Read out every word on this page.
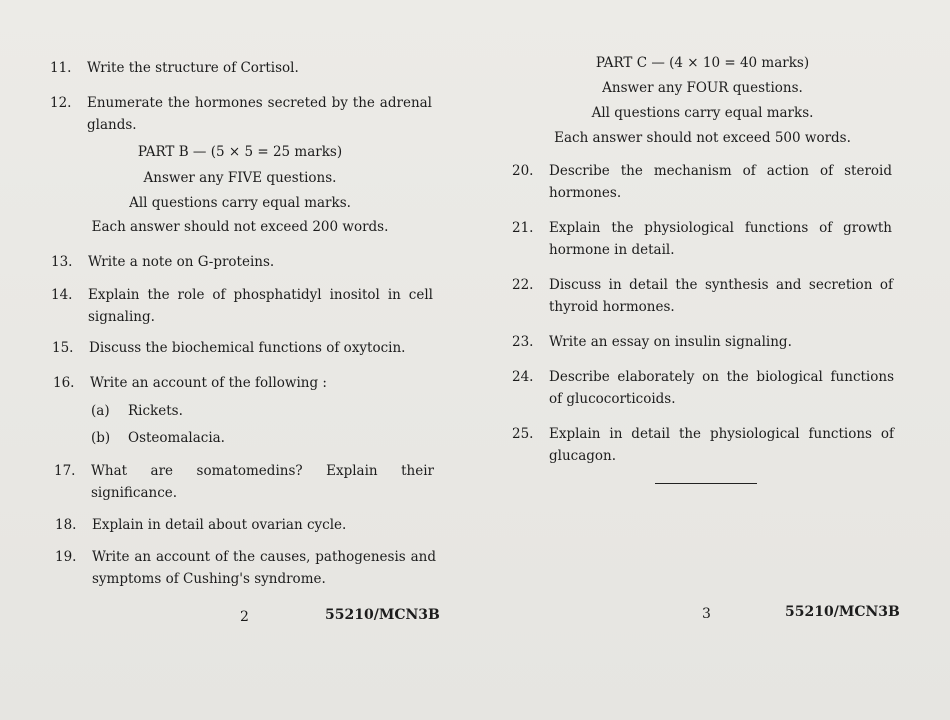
11. Write the structure of Cortisol.
12. Enumerate the hormones secreted by the adrenal glands.
PART B — (5 × 5 = 25 marks)
Answer any FIVE questions.
All questions carry equal marks.
Each answer should not exceed 200 words.
13. Write a note on G-proteins.
14. Explain the role of phosphatidyl inositol in cell signaling.
15. Discuss the biochemical functions of oxytocin.
16. Write an account of the following :
(a) Rickets.
(b) Osteomalacia.
17. What are somatomedins? Explain their significance.
18. Explain in detail about ovarian cycle.
19. Write an account of the causes, pathogenesis and symptoms of Cushing's syndrome.
2	55210/MCN3B
PART C — (4 × 10 = 40 marks)
Answer any FOUR questions.
All questions carry equal marks.
Each answer should not exceed 500 words.
20. Describe the mechanism of action of steroid hormones.
21. Explain the physiological functions of growth hormone in detail.
22. Discuss in detail the synthesis and secretion of thyroid hormones.
23. Write an essay on insulin signaling.
24. Describe elaborately on the biological functions of glucocorticoids.
25. Explain in detail the physiological functions of glucagon.
3	55210/MCN3B
